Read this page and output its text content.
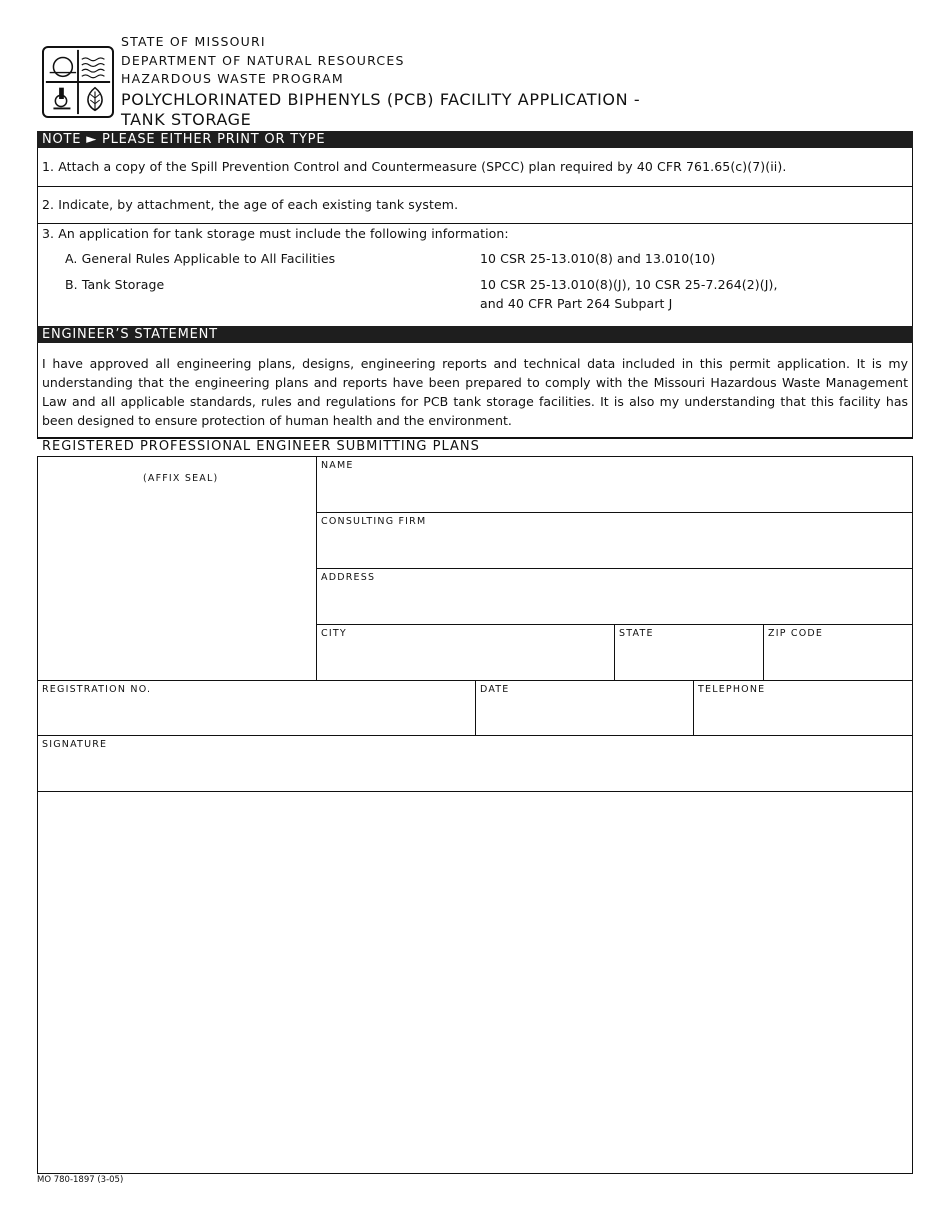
STATE OF MISSOURI
DEPARTMENT OF NATURAL RESOURCES
HAZARDOUS WASTE PROGRAM
POLYCHLORINATED BIPHENYLS (PCB) FACILITY APPLICATION -
TANK STORAGE
NOTE ► PLEASE EITHER PRINT OR TYPE
1. Attach a copy of the Spill Prevention Control and Countermeasure (SPCC) plan required by 40 CFR 761.65(c)(7)(ii).
2. Indicate, by attachment, the age of each existing tank system.
3. An application for tank storage must include the following information:
A. General Rules Applicable to All Facilities	10 CSR 25-13.010(8) and 13.010(10)
B. Tank Storage	10 CSR 25-13.010(8)(J), 10 CSR 25-7.264(2)(J),
and 40 CFR Part 264 Subpart J
ENGINEER’S STATEMENT
I have approved all engineering plans, designs, engineering reports and technical data included in this permit application. It is my understanding that the engineering plans and reports have been prepared to comply with the Missouri Hazardous Waste Management Law and all applicable standards, rules and regulations for PCB tank storage facilities. It is also my understanding that this facility has been designed to ensure protection of human health and the environment.
REGISTERED PROFESSIONAL ENGINEER SUBMITTING PLANS
(AFFIX SEAL)
NAME
CONSULTING FIRM
ADDRESS
CITY	STATE	ZIP CODE
REGISTRATION NO.	DATE	TELEPHONE
SIGNATURE
MO 780-1897 (3-05)
